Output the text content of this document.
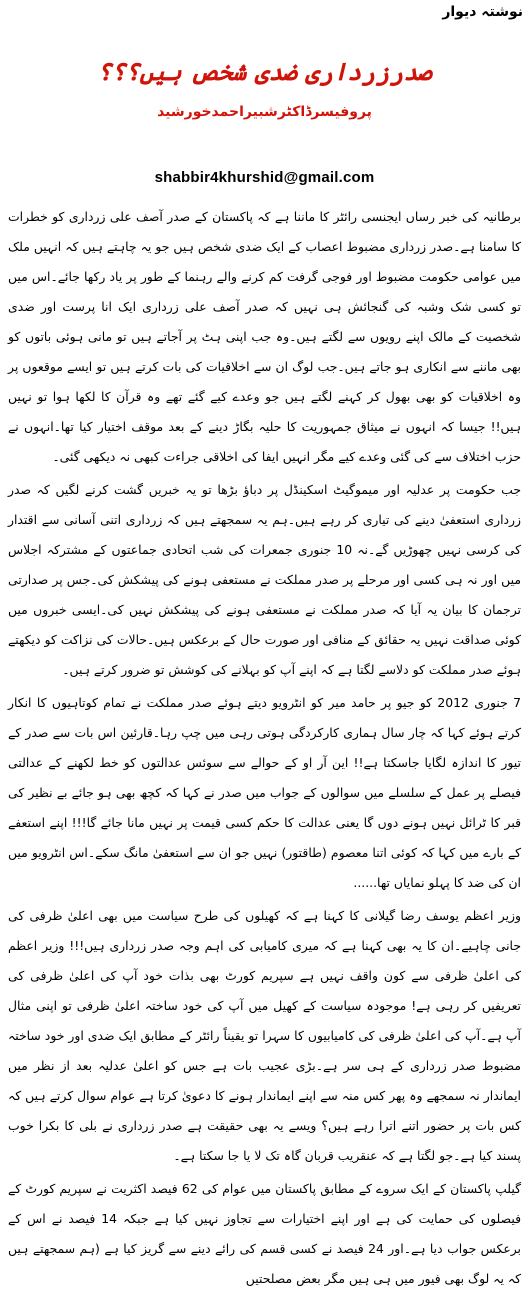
نوشتہ دیوار
صدرزرداری ضدی شخص ہیں؟؟؟
پروفیسرڈاکٹرشبیراحمدخورشید
shabbir4khurshid@gmail.com

برطانیہ کی خبر رساں ایجنسی رائٹر کا ماننا ہے کہ پاکستان کے صدر آصف علی زرداری کو خطرات کا سامنا ہے۔صدر زرداری مضبوط اعصاب کے ایک ضدی شخص ہیں جو یہ چاہتے ہیں کہ انہیں ملک میں عوامی حکومت مضبوط اور فوجی گرفت کم کرنے والے رہنما کے طور پر یاد رکھا جائے۔اس میں تو کسی شک وشبہ کی گنجائش ہی نہیں کہ صدر آصف علی زرداری ایک انا پرست اور ضدی شخصیت کے مالک اپنے رویوں سے لگتے ہیں۔وہ جب اپنی ہٹ پر آجاتے ہیں تو مانی ہوئی باتوں کو بھی ماننے سے انکاری ہو جاتے ہیں۔جب لوگ ان سے اخلاقیات کی بات کرتے ہیں تو ایسے موقعوں پر وہ اخلاقیات کو بھی بھول کر کہنے لگتے ہیں جو وعدے کیے گئے تھے وہ قرآن کا لکھا ہوا تو نہیں ہیں!! جیسا کہ انہوں نے میثاق جمہوریت کا حلیہ بگاڑ دینے کے بعد موقف اختیار کیا تھا۔انہوں نے حزب اختلاف سے کی گئی وعدے کیے مگر انہیں ایفا کی اخلاقی جراءت کبھی نہ دیکھی گئی۔

جب حکومت پر عدلیہ اور میموگیٹ اسکینڈل پر دباؤ بڑھا تو یہ خبریں گشت کرنے لگیں کہ صدر زرداری استعفیٰ دینے کی تیاری کر رہے ہیں۔ہم یہ سمجھتے ہیں کہ زرداری اتنی آسانی سے اقتدار کی کرسی نہیں چھوڑیں گے۔نہ 10 جنوری جمعرات کی شب اتحادی جماعتوں کے مشترکہ اجلاس میں اور نہ ہی کسی اور مرحلے پر صدر مملکت نے مستعفی ہونے کی پیشکش کی۔جس پر صدارتی ترجمان کا بیان یہ آیا کہ صدر مملکت نے مستعفی ہونے کی پیشکش نہیں کی۔ایسی خبروں میں کوئی صداقت نہیں یہ حقائق کے منافی اور صورت حال کے برعکس ہیں۔حالات کی نزاکت کو دیکھتے ہوئے صدر مملکت کو دلاسے لگتا ہے کہ اپنے آپ کو بہلانے کی کوشش تو ضرور کرتے ہیں۔

7 جنوری 2012 کو جیو پر حامد میر کو انٹرویو دیتے ہوئے صدر مملکت نے تمام کوتاہیوں کا انکار کرتے ہوئے کہا کہ چار سال ہماری کارکردگی ہوتی رہی میں چپ رہا۔قارئین اس بات سے صدر کے تیور کا اندازہ لگایا جاسکتا ہے!! این آر او کے حوالے سے سوئس عدالتوں کو خط لکھنے کے عدالتی فیصلے پر عمل کے سلسلے میں سوالوں کے جواب میں صدر نے کہا کہ کچھ بھی ہو جائے بے نظیر کی قبر کا ٹرائل نہیں ہونے دوں گا یعنی عدالت کا حکم کسی قیمت پر نہیں مانا جائے گا!!! اپنے استعفے کے بارے میں کہا کہ کوئی اتنا معصوم (طاقتور) نہیں جو ان سے استعفیٰ مانگ سکے۔اس انٹرویو میں ان کی ضد کا پہلو نمایاں تھا......

وزیر اعظم یوسف رضا گیلانی کا کہنا ہے کہ کھیلوں کی طرح سیاست میں بھی اعلیٰ ظرفی کی جانی چاہیے۔ان کا یہ بھی کہنا ہے کہ میری کامیابی کی اہم وجہ صدر زرداری ہیں!!! وزیر اعظم کی اعلیٰ ظرفی سے کون واقف نہیں ہے سپریم کورٹ بھی بذات خود آپ کی اعلیٰ ظرفی کی تعریفیں کر رہی ہے! موجودہ سیاست کے کھیل میں آپ کی خود ساختہ اعلیٰ ظرفی تو اپنی مثال آپ ہے۔آپ کی اعلیٰ ظرفی کی کامیابیوں کا سہرا تو یقیناً رائٹر کے مطابق ایک ضدی اور خود ساختہ مضبوط صدر زرداری کے ہی سر ہے۔بڑی عجیب بات ہے جس کو اعلیٰ عدلیہ بعد از نظر میں ایماندار نہ سمجھے وہ پھر کس منہ سے اپنے ایماندار ہونے کا دعویٰ کرتا ہے عوام سوال کرتے ہیں کہ کس بات پر حضور اتنے اترا رہے ہیں؟ ویسے یہ بھی حقیقت ہے صدر زرداری نے بلی کا بکرا خوب پسند کیا ہے۔جو لگتا ہے کہ عنقریب قربان گاہ تک لا یا جا سکتا ہے۔

گیلپ پاکستان کے ایک سروے کے مطابق پاکستان میں عوام کی 62 فیصد اکثریت نے سپریم کورٹ کے فیصلوں کی حمایت کی ہے اور اپنے اختیارات سے تجاوز نہیں کیا ہے جبکہ 14 فیصد نے اس کے برعکس جواب دیا ہے۔اور 24 فیصد نے کسی قسم کی رائے دینے سے گریز کیا ہے (ہم سمجھتے ہیں کہ یہ لوگ بھی فیور میں ہی ہیں مگر بعض مصلحتیں
